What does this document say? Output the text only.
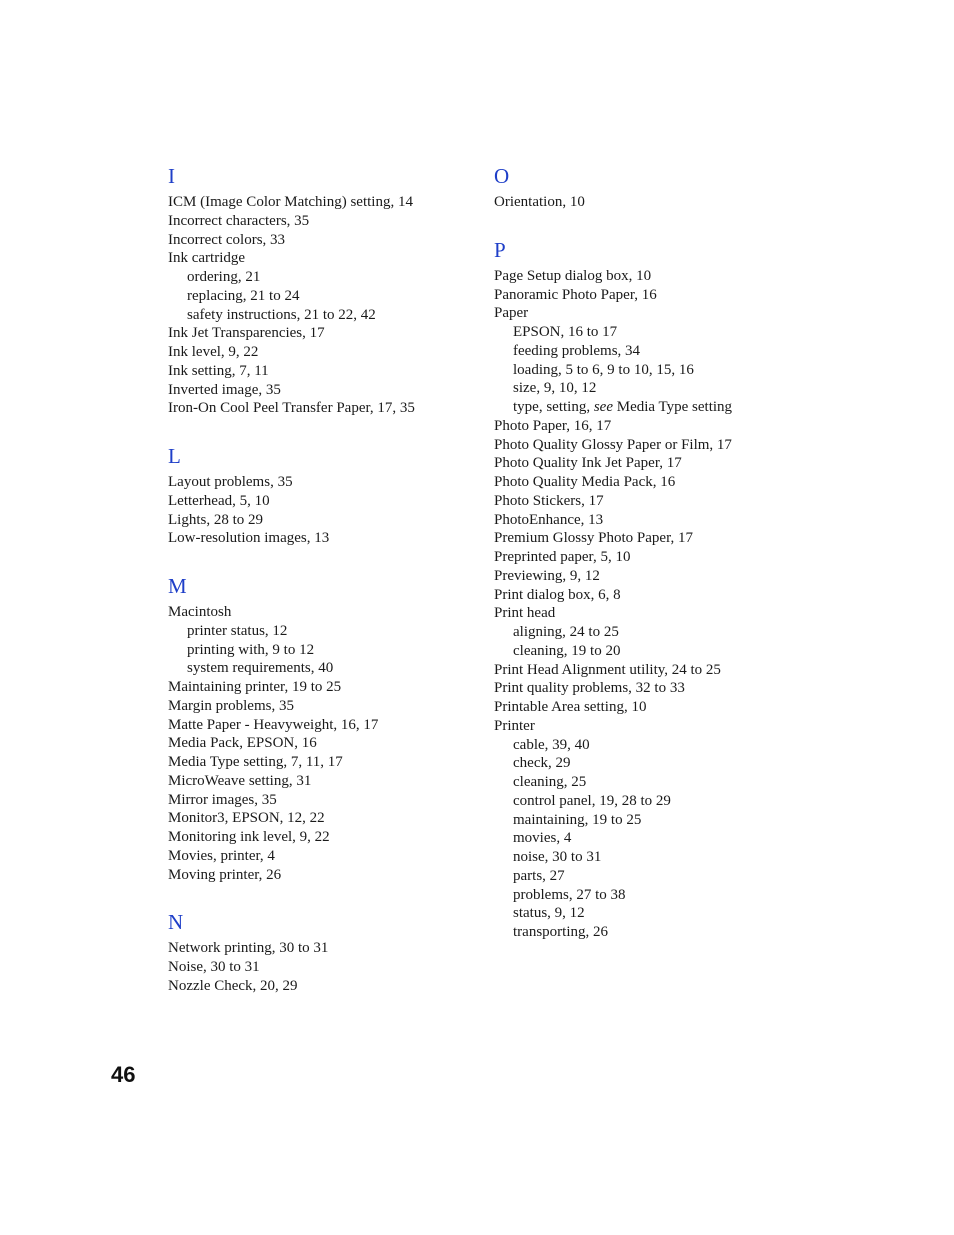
I
ICM (Image Color Matching) setting, 14
Incorrect characters, 35
Incorrect colors, 33
Ink cartridge
ordering, 21
replacing, 21 to 24
safety instructions, 21 to 22, 42
Ink Jet Transparencies, 17
Ink level, 9, 22
Ink setting, 7, 11
Inverted image, 35
Iron-On Cool Peel Transfer Paper, 17, 35
L
Layout problems, 35
Letterhead, 5, 10
Lights, 28 to 29
Low-resolution images, 13
M
Macintosh
printer status, 12
printing with, 9 to 12
system requirements, 40
Maintaining printer, 19 to 25
Margin problems, 35
Matte Paper - Heavyweight, 16, 17
Media Pack, EPSON, 16
Media Type setting, 7, 11, 17
MicroWeave setting, 31
Mirror images, 35
Monitor3, EPSON, 12, 22
Monitoring ink level, 9, 22
Movies, printer, 4
Moving printer, 26
N
Network printing, 30 to 31
Noise, 30 to 31
Nozzle Check, 20, 29
O
Orientation, 10
P
Page Setup dialog box, 10
Panoramic Photo Paper, 16
Paper
EPSON, 16 to 17
feeding problems, 34
loading, 5 to 6, 9 to 10, 15, 16
size, 9, 10, 12
type, setting, see Media Type setting
Photo Paper, 16, 17
Photo Quality Glossy Paper or Film, 17
Photo Quality Ink Jet Paper, 17
Photo Quality Media Pack, 16
Photo Stickers, 17
PhotoEnhance, 13
Premium Glossy Photo Paper, 17
Preprinted paper, 5, 10
Previewing, 9, 12
Print dialog box, 6, 8
Print head
aligning, 24 to 25
cleaning, 19 to 20
Print Head Alignment utility, 24 to 25
Print quality problems, 32 to 33
Printable Area setting, 10
Printer
cable, 39, 40
check, 29
cleaning, 25
control panel, 19, 28 to 29
maintaining, 19 to 25
movies, 4
noise, 30 to 31
parts, 27
problems, 27 to 38
status, 9, 12
transporting, 26
46
